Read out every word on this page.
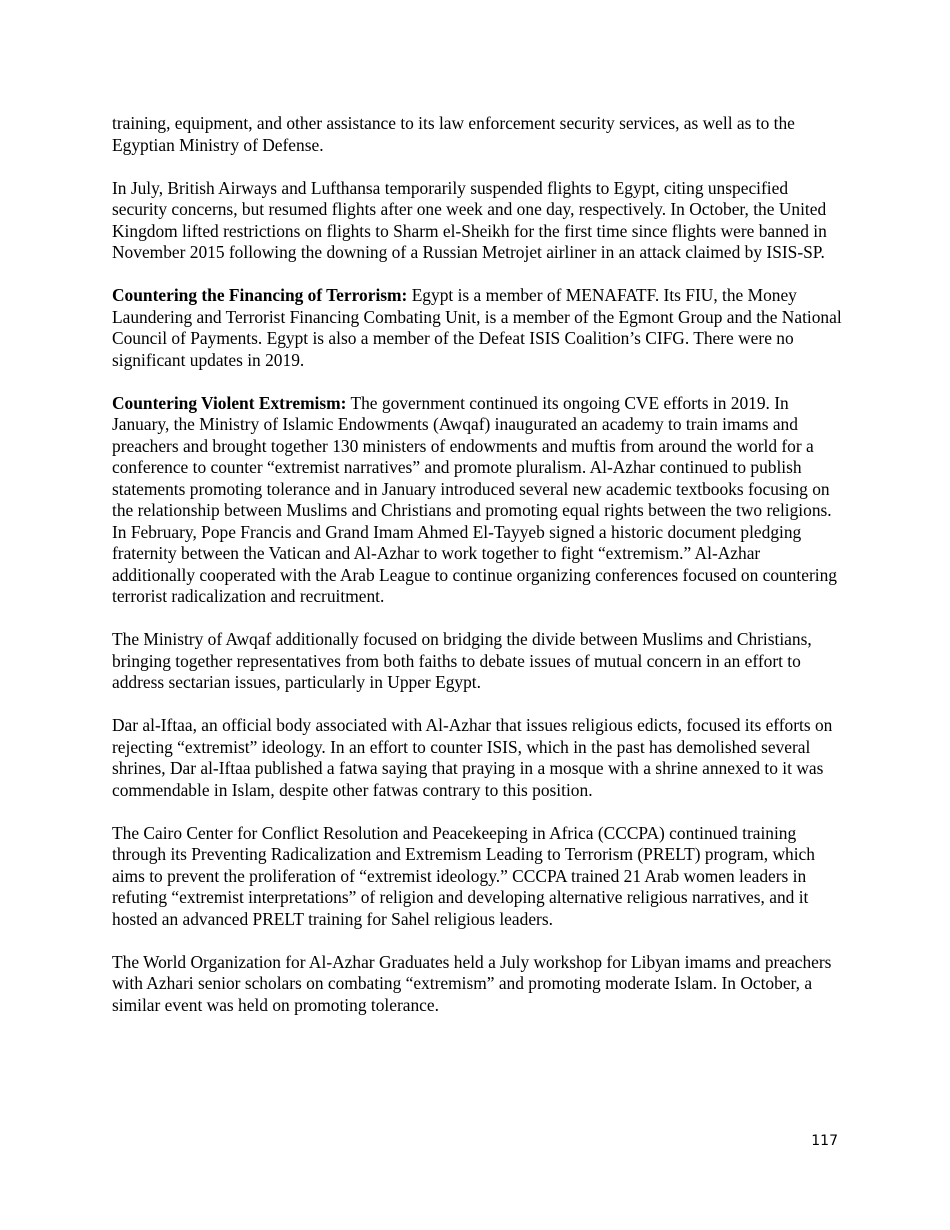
training, equipment, and other assistance to its law enforcement security services, as well as to the Egyptian Ministry of Defense.

In July, British Airways and Lufthansa temporarily suspended flights to Egypt, citing unspecified security concerns, but resumed flights after one week and one day, respectively. In October, the United Kingdom lifted restrictions on flights to Sharm el-Sheikh for the first time since flights were banned in November 2015 following the downing of a Russian Metrojet airliner in an attack claimed by ISIS-SP.

Countering the Financing of Terrorism: Egypt is a member of MENAFATF. Its FIU, the Money Laundering and Terrorist Financing Combating Unit, is a member of the Egmont Group and the National Council of Payments. Egypt is also a member of the Defeat ISIS Coalition’s CIFG. There were no significant updates in 2019.

Countering Violent Extremism: The government continued its ongoing CVE efforts in 2019. In January, the Ministry of Islamic Endowments (Awqaf) inaugurated an academy to train imams and preachers and brought together 130 ministers of endowments and muftis from around the world for a conference to counter “extremist narratives” and promote pluralism. Al-Azhar continued to publish statements promoting tolerance and in January introduced several new academic textbooks focusing on the relationship between Muslims and Christians and promoting equal rights between the two religions. In February, Pope Francis and Grand Imam Ahmed El-Tayyeb signed a historic document pledging fraternity between the Vatican and Al-Azhar to work together to fight “extremism.” Al-Azhar additionally cooperated with the Arab League to continue organizing conferences focused on countering terrorist radicalization and recruitment.

The Ministry of Awqaf additionally focused on bridging the divide between Muslims and Christians, bringing together representatives from both faiths to debate issues of mutual concern in an effort to address sectarian issues, particularly in Upper Egypt.

Dar al-Iftaa, an official body associated with Al-Azhar that issues religious edicts, focused its efforts on rejecting “extremist” ideology. In an effort to counter ISIS, which in the past has demolished several shrines, Dar al-Iftaa published a fatwa saying that praying in a mosque with a shrine annexed to it was commendable in Islam, despite other fatwas contrary to this position.

The Cairo Center for Conflict Resolution and Peacekeeping in Africa (CCCPA) continued training through its Preventing Radicalization and Extremism Leading to Terrorism (PRELT) program, which aims to prevent the proliferation of “extremist ideology.” CCCPA trained 21 Arab women leaders in refuting “extremist interpretations” of religion and developing alternative religious narratives, and it hosted an advanced PRELT training for Sahel religious leaders.

The World Organization for Al-Azhar Graduates held a July workshop for Libyan imams and preachers with Azhari senior scholars on combating “extremism” and promoting moderate Islam. In October, a similar event was held on promoting tolerance.

117
